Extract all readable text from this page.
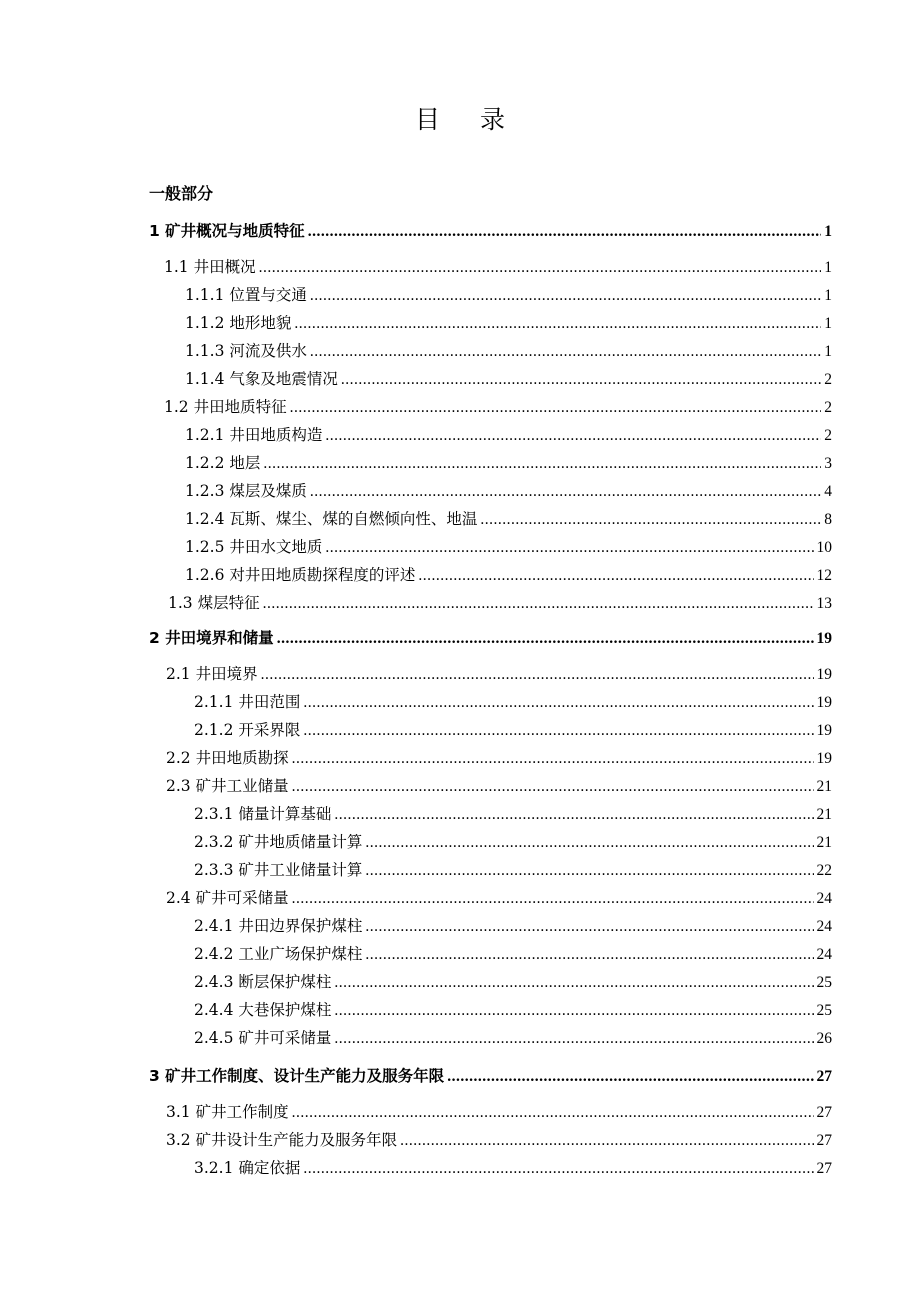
目 录
一般部分
1 矿井概况与地质特征 .....	1
1.1 井田概况 .....	1
1.1.1 位置与交通 .....	1
1.1.2 地形地貌 .....	1
1.1.3 河流及供水 .....	1
1.1.4 气象及地震情况 .....	2
1.2 井田地质特征 .....	2
1.2.1 井田地质构造 .....	2
1.2.2 地层 .....	3
1.2.3 煤层及煤质 .....	4
1.2.4 瓦斯、煤尘、煤的自燃倾向性、地温 .....	8
1.2.5 井田水文地质 .....	10
1.2.6 对井田地质勘探程度的评述 .....	12
1.3 煤层特征 .....	13
2 井田境界和储量 .....	19
2.1 井田境界 .....	19
2.1.1 井田范围 .....	19
2.1.2 开采界限 .....	19
2.2 井田地质勘探 .....	19
2.3 矿井工业储量 .....	21
2.3.1 储量计算基础 .....	21
2.3.2 矿井地质储量计算 .....	21
2.3.3 矿井工业储量计算 .....	22
2.4 矿井可采储量 .....	24
2.4.1 井田边界保护煤柱 .....	24
2.4.2 工业广场保护煤柱 .....	24
2.4.3 断层保护煤柱 .....	25
2.4.4 大巷保护煤柱 .....	25
2.4.5 矿井可采储量 .....	26
3 矿井工作制度、设计生产能力及服务年限 .....	27
3.1 矿井工作制度 .....	27
3.2 矿井设计生产能力及服务年限 .....	27
3.2.1 确定依据 .....	27
